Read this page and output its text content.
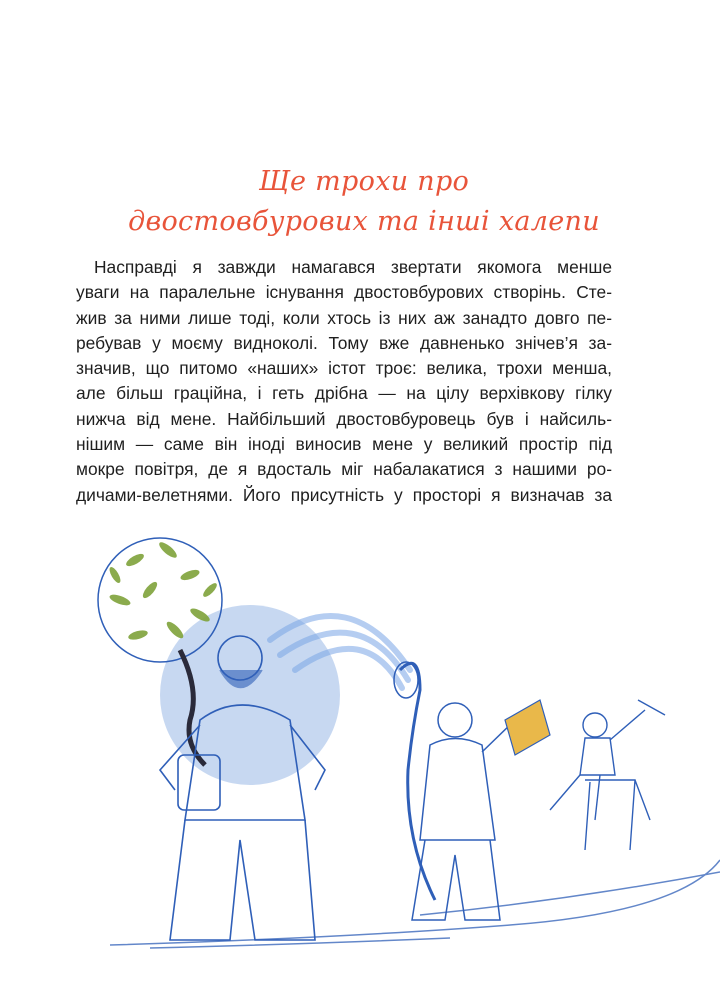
Ще трохи про
двостовбурових та інші халепи
Насправді я завжди намагався звертати якомога менше
уваги на паралельне існування двостовбурових створінь. Сте-
жив за ними лише тоді, коли хтось із них аж занадто довго пе-
ребував у моєму видноколі. Тому вже давненько знічев’я за-
значив, що питомо «наших» істот троє: велика, трохи менша,
але більш граційна, і геть дрібна — на цілу верхівкову гілку
нижча від мене. Найбільший двостовбуровець був і найсиль-
нішим — саме він іноді виносив мене у великий простір під
мокре повітря, де я вдосталь міг набалакатися з нашими ро-
дичами-велетнями. Його присутність у просторі я визначав за
